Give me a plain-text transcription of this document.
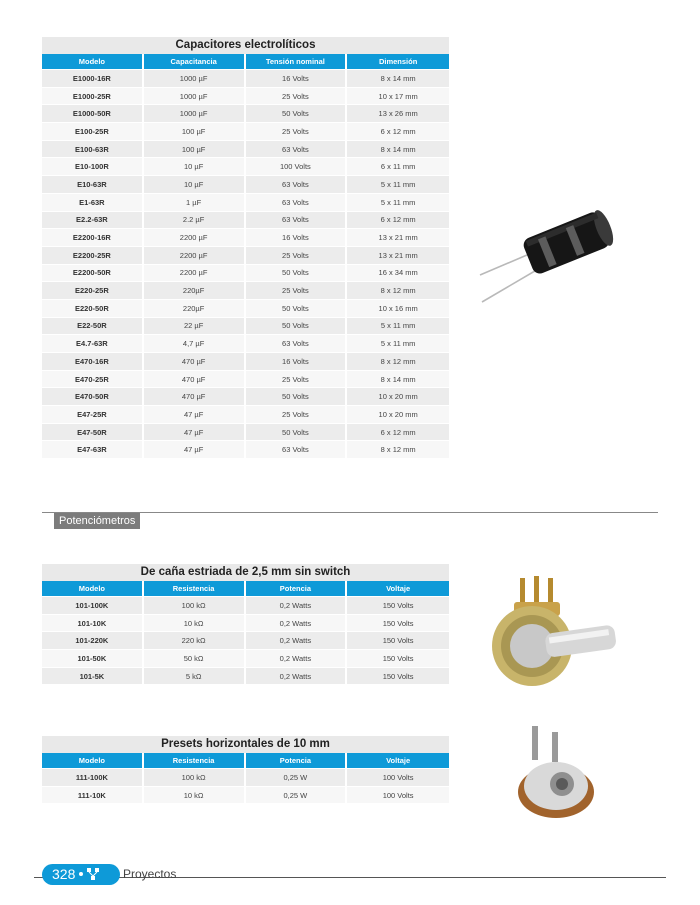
Capacitores electrolíticos
Modelo	Capacitancia	Tensión nominal	Dimensión
E1000-16R	1000 µF	16 Volts	8 x 14 mm
E1000-25R	1000 µF	25 Volts	10 x 17 mm
E1000-50R	1000 µF	50 Volts	13 x 26 mm
E100-25R	100 µF	25 Volts	6 x 12 mm
E100-63R	100 µF	63 Volts	8 x 14 mm
E10-100R	10 µF	100 Volts	6 x 11 mm
E10-63R	10 µF	63 Volts	5 x 11 mm
E1-63R	1 µF	63 Volts	5 x 11 mm
E2.2-63R	2.2 µF	63 Volts	6 x 12 mm
E2200-16R	2200 µF	16 Volts	13 x 21 mm
E2200-25R	2200 µF	25 Volts	13 x 21 mm
E2200-50R	2200 µF	50 Volts	16 x 34 mm
E220-25R	220µF	25 Volts	8 x 12 mm
E220-50R	220µF	50 Volts	10 x 16 mm
E22-50R	22 µF	50 Volts	5 x 11 mm
E4.7-63R	4,7 µF	63 Volts	5 x 11 mm
E470-16R	470 µF	16 Volts	8 x 12 mm
E470-25R	470 µF	25 Volts	8 x 14 mm
E470-50R	470 µF	50 Volts	10 x 20 mm
E47-25R	47 µF	25 Volts	10 x 20 mm
E47-50R	47 µF	50 Volts	6 x 12 mm
E47-63R	47 µF	63 Volts	8 x 12 mm
Potenciómetros
De caña estriada de 2,5 mm sin switch
Modelo	Resistencia	Potencia	Voltaje
101-100K	100 kΩ	0,2 Watts	150 Volts
101-10K	10 kΩ	0,2 Watts	150 Volts
101-220K	220 kΩ	0,2 Watts	150 Volts
101-50K	50 kΩ	0,2 Watts	150 Volts
101-5K	5 kΩ	0,2 Watts	150 Volts
Presets horizontales de 10 mm
Modelo	Resistencia	Potencia	Voltaje
111-100K	100 kΩ	0,25 W	100 Volts
111-10K	10 kΩ	0,25 W	100 Volts
328	Proyectos
